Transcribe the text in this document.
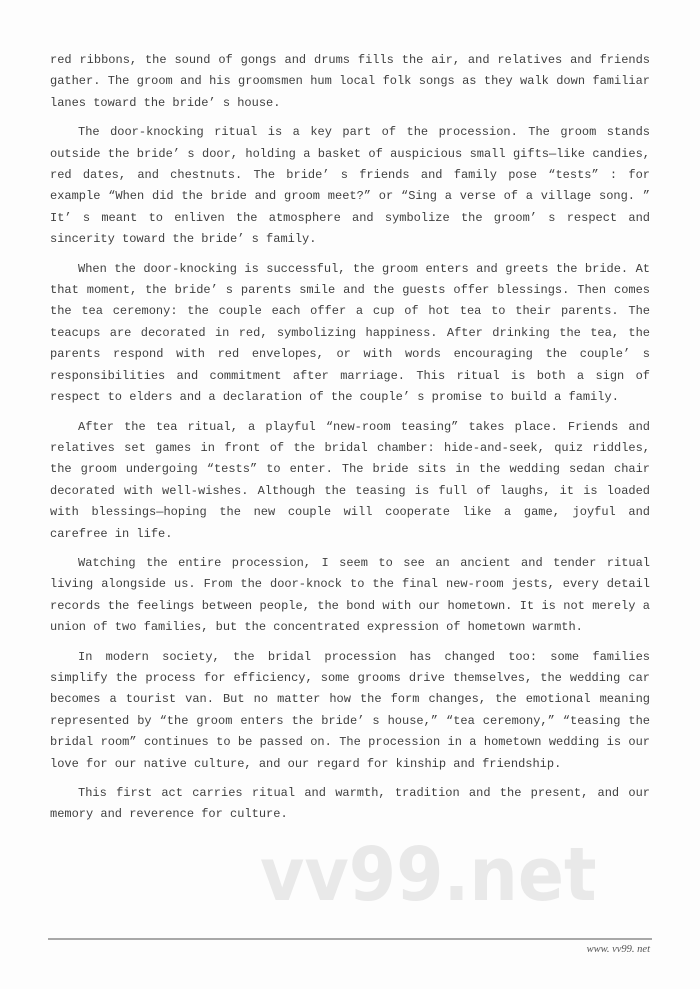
vv99.net

red ribbons, the sound of gongs and drums fills the air, and relatives and friends gather. The groom and his groomsmen hum local folk songs as they walk down familiar lanes toward the bride’ s house.

The door-knocking ritual is a key part of the procession. The groom stands outside the bride’ s door, holding a basket of auspicious small gifts—like candies, red dates, and chestnuts. The bride’ s friends and family pose “tests” : for example “When did the bride and groom meet?” or “Sing a verse of a village song. ” It’ s meant to enliven the atmosphere and symbolize the groom’ s respect and sincerity toward the bride’ s family.

When the door-knocking is successful, the groom enters and greets the bride. At that moment, the bride’ s parents smile and the guests offer blessings. Then comes the tea ceremony: the couple each offer a cup of hot tea to their parents. The teacups are decorated in red, symbolizing happiness. After drinking the tea, the parents respond with red envelopes, or with words encouraging the couple’ s responsibilities and commitment after marriage. This ritual is both a sign of respect to elders and a declaration of the couple’ s promise to build a family.

After the tea ritual, a playful “new-room teasing” takes place. Friends and relatives set games in front of the bridal chamber: hide-and-seek, quiz riddles, the groom undergoing “tests” to enter. The bride sits in the wedding sedan chair decorated with well-wishes. Although the teasing is full of laughs, it is loaded with blessings—hoping the new couple will cooperate like a game, joyful and carefree in life.

Watching the entire procession, I seem to see an ancient and tender ritual living alongside us. From the door-knock to the final new-room jests, every detail records the feelings between people, the bond with our hometown. It is not merely a union of two families, but the concentrated expression of hometown warmth.

In modern society, the bridal procession has changed too: some families simplify the process for efficiency, some grooms drive themselves, the wedding car becomes a tourist van. But no matter how the form changes, the emotional meaning represented by “the groom enters the bride’ s house,” “tea ceremony,” “teasing the bridal room” continues to be passed on. The procession in a hometown wedding is our love for our native culture, and our regard for kinship and friendship.

This first act carries ritual and warmth, tradition and the present, and our memory and reverence for culture.

www. vv99. net
